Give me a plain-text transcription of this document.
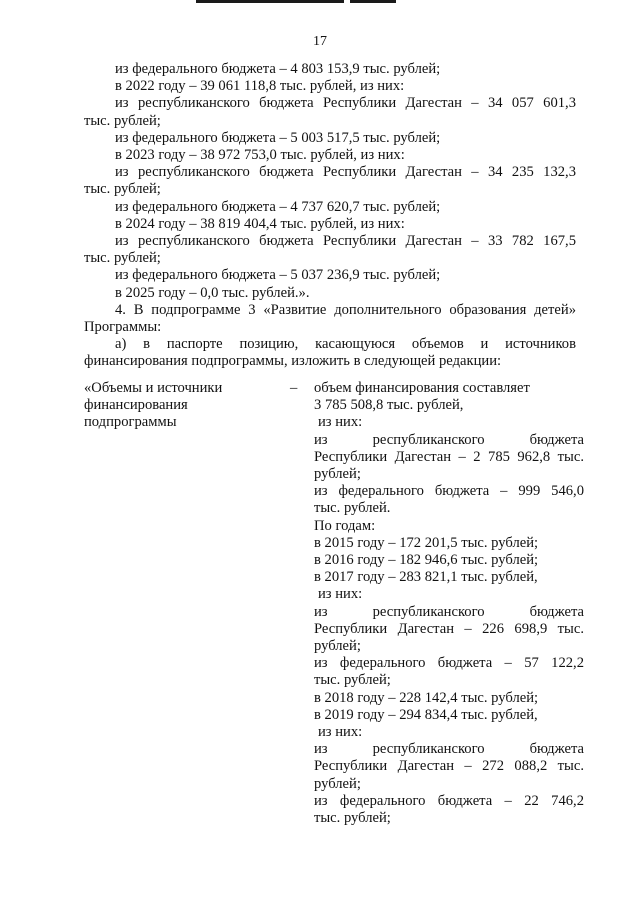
17
из федерального бюджета – 4 803 153,9 тыс. рублей;
в 2022 году – 39 061 118,8 тыс. рублей, из них:
из республиканского бюджета Республики Дагестан – 34 057 601,3
тыс. рублей;
из федерального бюджета – 5 003 517,5 тыс. рублей;
в 2023 году – 38 972 753,0 тыс. рублей, из них:
из республиканского бюджета Республики Дагестан – 34 235 132,3
тыс. рублей;
из федерального бюджета – 4 737 620,7 тыс. рублей;
в 2024 году – 38 819 404,4 тыс. рублей, из них:
из республиканского бюджета Республики Дагестан – 33 782 167,5
тыс. рублей;
из федерального бюджета – 5 037 236,9 тыс. рублей;
в 2025 году – 0,0 тыс. рублей.».
4. В подпрограмме 3 «Развитие дополнительного образования детей»
Программы:
а) в паспорте позицию, касающуюся объемов и источников
финансирования подпрограммы, изложить в следующей редакции:
«Объемы и источники
финансирования
подпрограммы
– объем финансирования составляет
3 785 508,8 тыс. рублей,
из них:
из республиканского бюджета
Республики Дагестан – 2 785 962,8 тыс.
рублей;
из федерального бюджета – 999 546,0
тыс. рублей.
По годам:
в 2015 году – 172 201,5 тыс. рублей;
в 2016 году – 182 946,6 тыс. рублей;
в 2017 году – 283 821,1 тыс. рублей,
из них:
из республиканского бюджета
Республики Дагестан – 226 698,9 тыс.
рублей;
из федерального бюджета – 57 122,2
тыс. рублей;
в 2018 году – 228 142,4 тыс. рублей;
в 2019 году – 294 834,4 тыс. рублей,
из них:
из республиканского бюджета
Республики Дагестан – 272 088,2 тыс.
рублей;
из федерального бюджета – 22 746,2
тыс. рублей;
